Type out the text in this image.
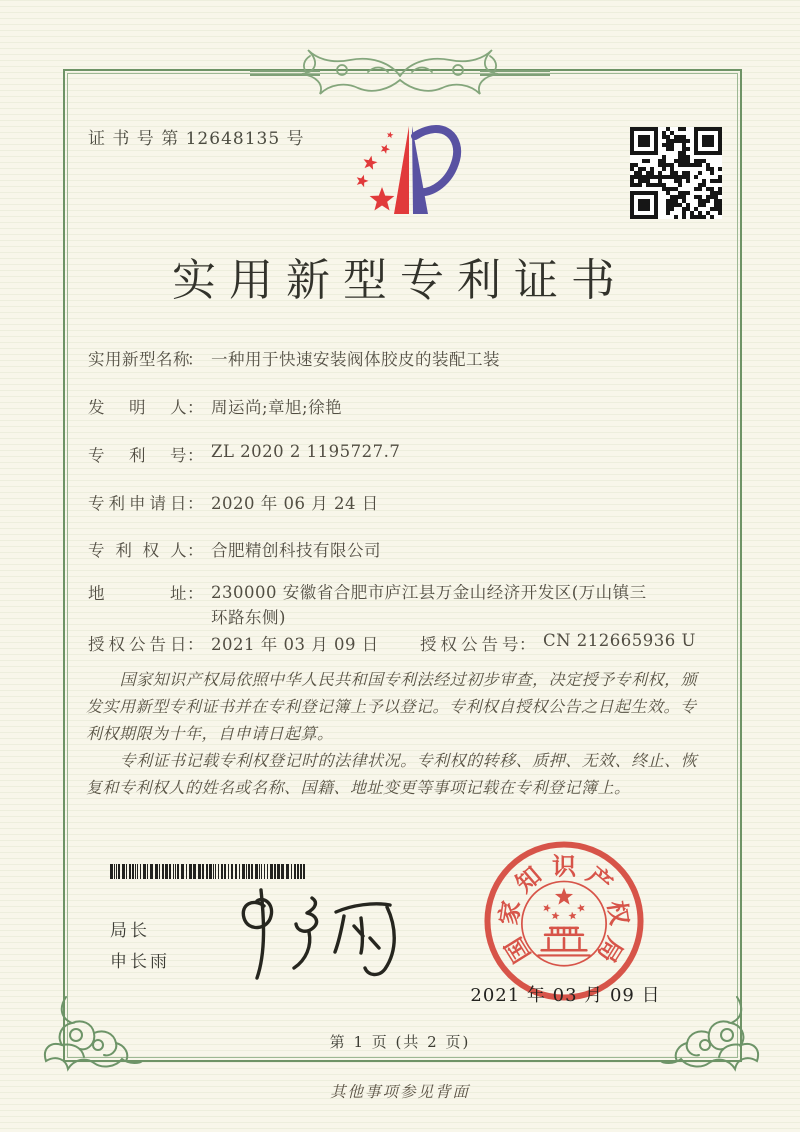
证 书 号 第 12648135 号
实用新型专利证书
实用新型名称： 一种用于快速安装阀体胶皮的装配工装
发明人： 周运尚;章旭;徐艳
专利号： ZL 2020 2 1195727.7
专利申请日： 2020 年 06 月 24 日
专利权人： 合肥精创科技有限公司
地址： 230000 安徽省合肥市庐江县万金山经济开发区(万山镇三环路东侧)
授权公告日： 2021 年 03 月 09 日	授权公告号： CN 212665936 U

国家知识产权局依照中华人民共和国专利法经过初步审查，决定授予专利权，颁发实用新型专利证书并在专利登记簿上予以登记。专利权自授权公告之日起生效。专利权期限为十年，自申请日起算。

专利证书记载专利权登记时的法律状况。专利权的转移、质押、无效、终止、恢复和专利权人的姓名或名称、国籍、地址变更等事项记载在专利登记簿上。

局长
申长雨	国
家
知 识 产
权
局
2021 年 03 月 09 日
第 1 页 (共 2 页)
其他事项参见背面
